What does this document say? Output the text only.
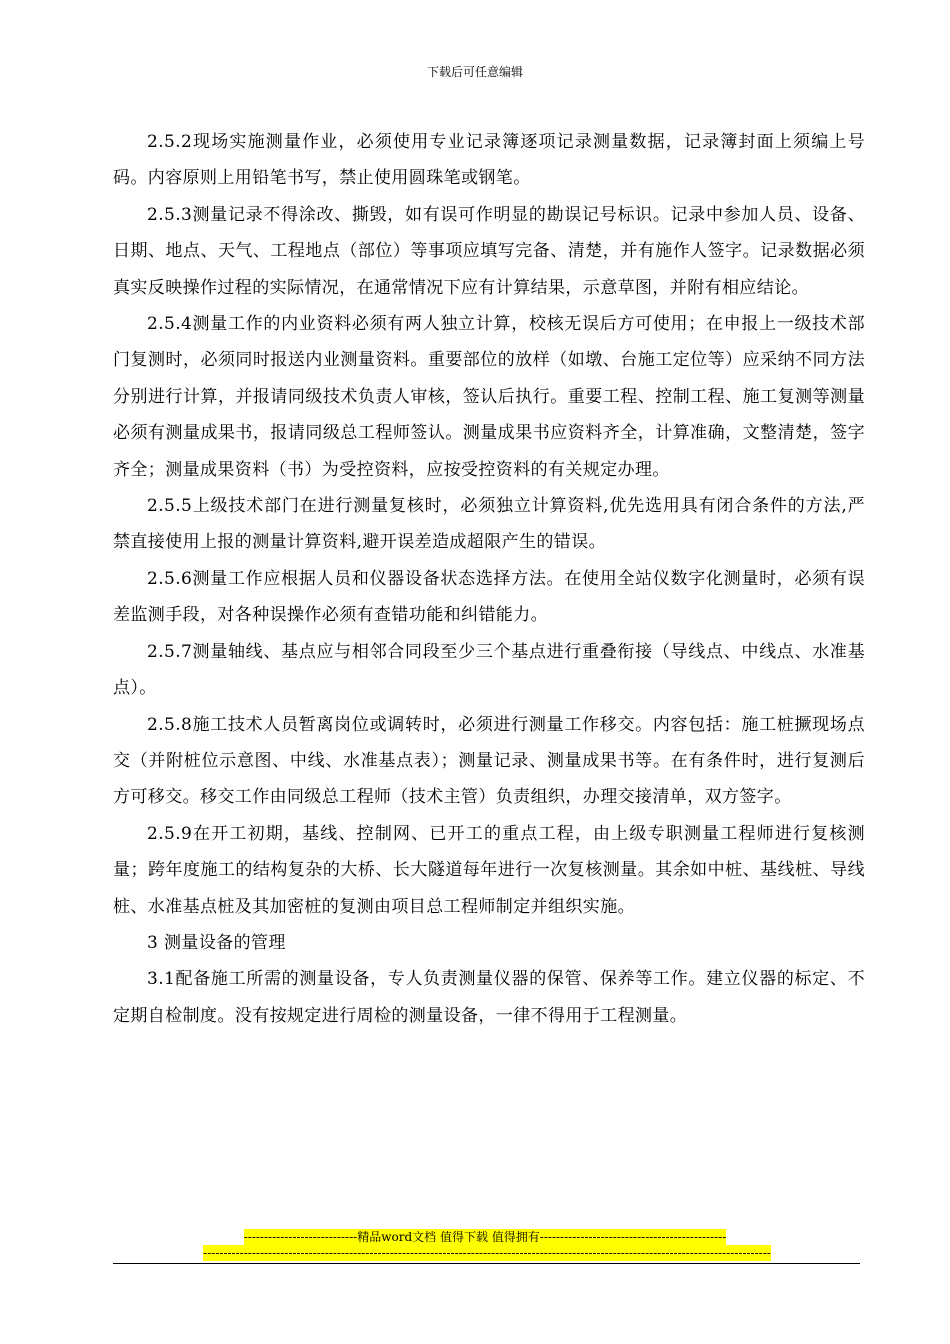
下载后可任意编辑

2.5.2现场实施测量作业，必须使用专业记录簿逐项记录测量数据，记录簿封面上须编上号码。内容原则上用铅笔书写，禁止使用圆珠笔或钢笔。

2.5.3测量记录不得涂改、撕毁，如有误可作明显的勘误记号标识。记录中参加人员、设备、日期、地点、天气、工程地点（部位）等事项应填写完备、清楚，并有施作人签字。记录数据必须真实反映操作过程的实际情况，在通常情况下应有计算结果，示意草图，并附有相应结论。

2.5.4测量工作的内业资料必须有两人独立计算，校核无误后方可使用；在申报上一级技术部门复测时，必须同时报送内业测量资料。重要部位的放样（如墩、台施工定位等）应采纳不同方法分别进行计算，并报请同级技术负责人审核，签认后执行。重要工程、控制工程、施工复测等测量必须有测量成果书，报请同级总工程师签认。测量成果书应资料齐全，计算准确，文整清楚，签字齐全；测量成果资料（书）为受控资料，应按受控资料的有关规定办理。

2.5.5上级技术部门在进行测量复核时，必须独立计算资料,优先选用具有闭合条件的方法,严禁直接使用上报的测量计算资料,避开误差造成超限产生的错误。

2.5.6测量工作应根据人员和仪器设备状态选择方法。在使用全站仪数字化测量时，必须有误差监测手段，对各种误操作必须有查错功能和纠错能力。

2.5.7测量轴线、基点应与相邻合同段至少三个基点进行重叠衔接（导线点、中线点、水准基点）。

2.5.8施工技术人员暂离岗位或调转时，必须进行测量工作移交。内容包括：施工桩撅现场点交（并附桩位示意图、中线、水准基点表）；测量记录、测量成果书等。在有条件时，进行复测后方可移交。移交工作由同级总工程师（技术主管）负责组织，办理交接清单，双方签字。

2.5.9在开工初期，基线、控制网、已开工的重点工程，由上级专职测量工程师进行复核测量；跨年度施工的结构复杂的大桥、长大隧道每年进行一次复核测量。其余如中桩、基线桩、导线桩、水准基点桩及其加密桩的复测由项目总工程师制定并组织实施。

3 测量设备的管理

3.1配备施工所需的测量设备，专人负责测量仪器的保管、保养等工作。建立仪器的标定、不定期自检制度。没有按规定进行周检的测量设备，一律不得用于工程测量。

----------------------------精品word文档 值得下载 值得拥有----------------------------------------------
--------------------------------------------------------------------------------------------------------------------------------------------
